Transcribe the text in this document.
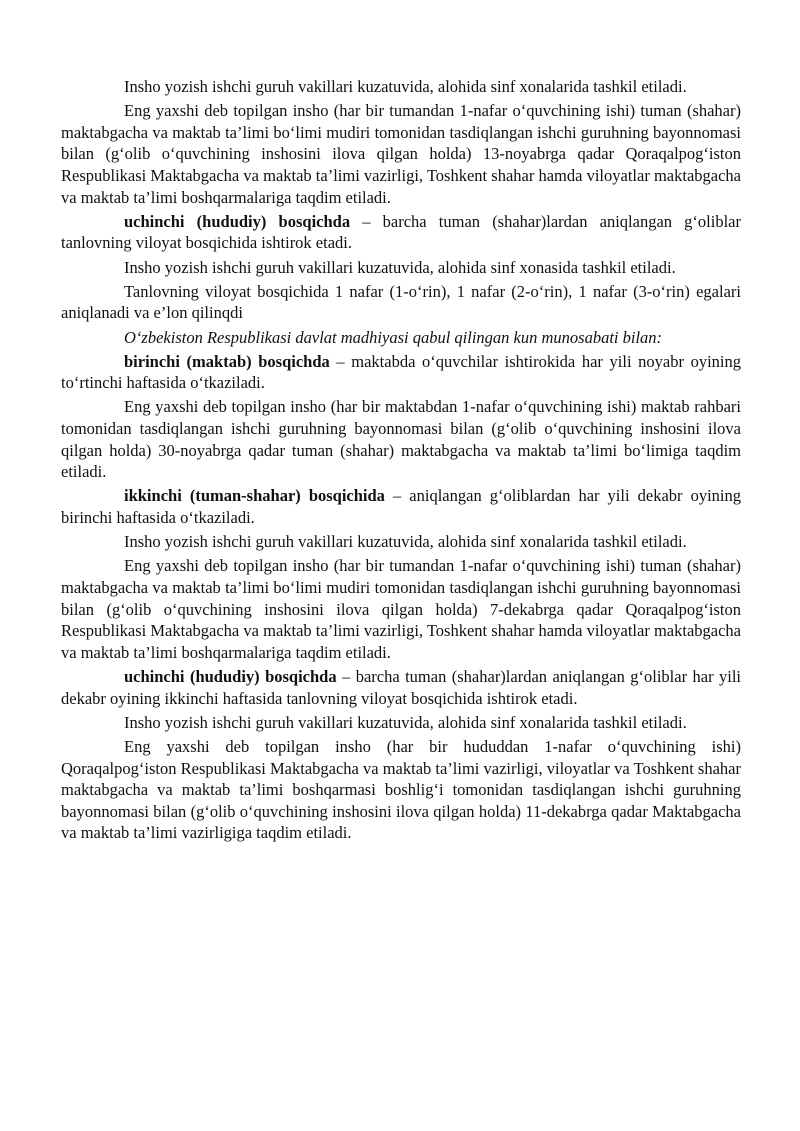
Insho yozish ishchi guruh vakillari kuzatuvida, alohida sinf xonalarida tashkil etiladi.

Eng yaxshi deb topilgan insho (har bir tumandan 1-nafar o‘quvchining ishi) tuman (shahar) maktabgacha va maktab ta’limi bo‘limi mudiri tomonidan tasdiqlangan ishchi guruhning bayonnomasi bilan (g‘olib o‘quvchining inshosini ilova qilgan holda) 13-noyabrga qadar Qoraqalpog‘iston Respublikasi Maktabgacha va maktab ta’limi vazirligi, Toshkent shahar hamda viloyatlar maktabgacha va maktab ta’limi boshqarmalariga taqdim etiladi.

uchinchi (hududiy) bosqichda – barcha tuman (shahar)lardan aniqlangan g‘oliblar tanlovning viloyat bosqichida ishtirok etadi.

Insho yozish ishchi guruh vakillari kuzatuvida, alohida sinf xonasida tashkil etiladi.

Tanlovning viloyat bosqichida 1 nafar (1-o‘rin), 1 nafar (2-o‘rin), 1 nafar (3-o‘rin) egalari aniqlanadi va e’lon qilinqdi

O‘zbekiston Respublikasi davlat madhiyasi qabul qilingan kun munosabati bilan:

birinchi (maktab) bosqichda – maktabda o‘quvchilar ishtirokida har yili noyabr oyining to‘rtinchi haftasida o‘tkaziladi.

Eng yaxshi deb topilgan insho (har bir maktabdan 1-nafar o‘quvchining ishi) maktab rahbari tomonidan tasdiqlangan ishchi guruhning bayonnomasi bilan (g‘olib o‘quvchining inshosini ilova qilgan holda) 30-noyabrga qadar tuman (shahar) maktabgacha va maktab ta’limi bo‘limiga taqdim etiladi.

ikkinchi (tuman-shahar) bosqichida – aniqlangan g‘oliblardan har yili dekabr oyining birinchi haftasida o‘tkaziladi.

Insho yozish ishchi guruh vakillari kuzatuvida, alohida sinf xonalarida tashkil etiladi.

Eng yaxshi deb topilgan insho (har bir tumandan 1-nafar o‘quvchining ishi) tuman (shahar) maktabgacha va maktab ta’limi bo‘limi mudiri tomonidan tasdiqlangan ishchi guruhning bayonnomasi bilan (g‘olib o‘quvchining inshosini ilova qilgan holda) 7-dekabrga qadar Qoraqalpog‘iston Respublikasi Maktabgacha va maktab ta’limi vazirligi, Toshkent shahar hamda viloyatlar maktabgacha va maktab ta’limi boshqarmalariga taqdim etiladi.

uchinchi (hududiy) bosqichda – barcha tuman (shahar)lardan aniqlangan g‘oliblar har yili dekabr oyining ikkinchi haftasida tanlovning viloyat bosqichida ishtirok etadi.

Insho yozish ishchi guruh vakillari kuzatuvida, alohida sinf xonalarida tashkil etiladi.

Eng yaxshi deb topilgan insho (har bir hududdan 1-nafar o‘quvchining ishi) Qoraqalpog‘iston Respublikasi Maktabgacha va maktab ta’limi vazirligi, viloyatlar va Toshkent shahar maktabgacha va maktab ta’limi boshqarmasi boshlig‘i tomonidan tasdiqlangan ishchi guruhning bayonnomasi bilan (g‘olib o‘quvchining inshosini ilova qilgan holda) 11-dekabrga qadar Maktabgacha va maktab ta’limi vazirligiga taqdim etiladi.
